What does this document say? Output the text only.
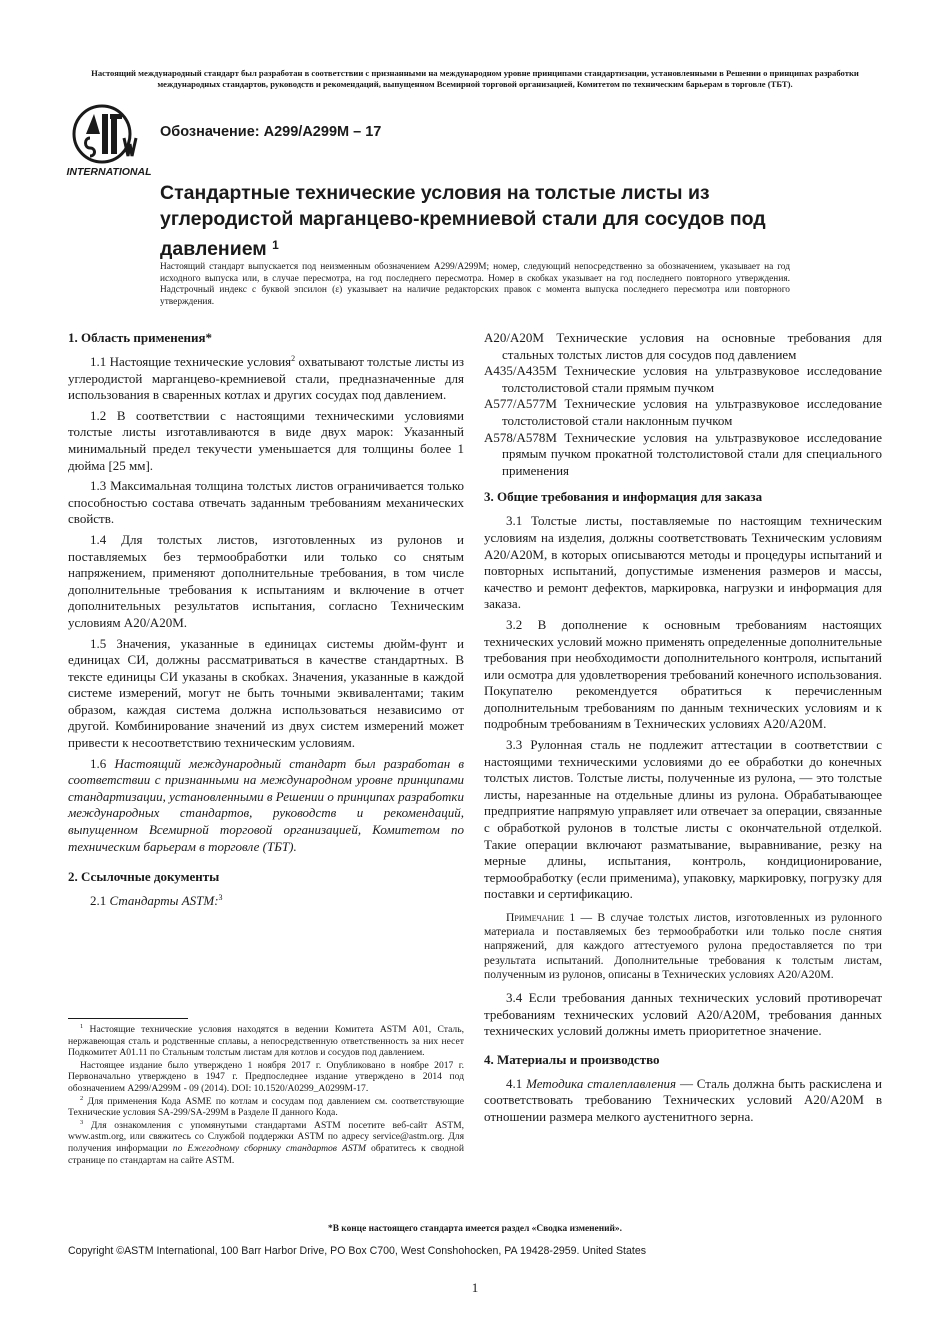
Настоящий международный стандарт был разработан в соответствии с признанными на международном уровне принципами стандартизации, установленными в Решении о принципах разработки международных стандартов, руководств и рекомендаций, выпущенном Всемирной торговой организацией, Комитетом по техническим барьерам в торговле (ТБТ).
INTERNATIONAL
Обозначение: A299/A299M – 17
Стандартные технические условия на толстые листы из углеродистой марганцево-кремниевой стали для сосудов под давлением $^1$
Настоящий стандарт выпускается под неизменным обозначением A299/A299M; номер, следующий непосредственно за обозначением, указывает на год исходного выпуска или, в случае пересмотра, на год последнего пересмотра. Номер в скобках указывает на год последнего повторного утверждения. Надстрочный индекс с буквой эпсилон (ε) указывает на наличие редакторских правок с момента выпуска последнего пересмотра или повторного утверждения.
1. Область применения*

1.1 Настоящие технические условия$^2$ охватывают толстые листы из углеродистой марганцево-кремниевой стали, предназначенные для использования в сваренных котлах и других сосудах под давлением.

1.2 В соответствии с настоящими техническими условиями толстые листы изготавливаются в виде двух марок: Указанный минимальный предел текучести уменьшается для толщины более 1 дюйма [25 мм].

1.3 Максимальная толщина толстых листов ограничивается только способностью состава отвечать заданным требованиям механических свойств.

1.4 Для толстых листов, изготовленных из рулонов и поставляемых без термообработки или только со снятым напряжением, применяют дополнительные требования, в том числе дополнительные требования к испытаниям и включение в отчет дополнительных результатов испытания, согласно Техническим условиям A20/A20M.

1.5 Значения, указанные в единицах системы дюйм-фунт и единицах СИ, должны рассматриваться в качестве стандартных. В тексте единицы СИ указаны в скобках. Значения, указанные в каждой системе измерений, могут не быть точными эквивалентами; таким образом, каждая система должна использоваться независимо от другой. Комбинирование значений из двух систем измерений может привести к несоответствию техническим условиям.

1.6 Настоящий международный стандарт был разработан в соответствии с признанными на международном уровне принципами стандартизации, установленными в Решении о принципах разработки международных стандартов, руководств и рекомендаций, выпущенном Всемирной торговой организацией, Комитетом по техническим барьерам в торговле (ТБТ).

2. Ссылочные документы

2.1 Стандарты ASTM:$^3$

A20/A20M Технические условия на основные требования для стальных толстых листов для сосудов под давлением

A435/A435M Технические условия на ультразвуковое исследование толстолистовой стали прямым пучком

A577/A577M Технические условия на ультразвуковое исследование толстолистовой стали наклонным пучком

A578/A578M Технические условия на ультразвуковое исследование прямым пучком прокатной толстолистовой стали для специального применения

3. Общие требования и информация для заказа

3.1 Толстые листы, поставляемые по настоящим техническим условиям на изделия, должны соответствовать Техническим условиям A20/A20M, в которых описываются методы и процедуры испытаний и повторных испытаний, допустимые изменения размеров и массы, качество и ремонт дефектов, маркировка, нагрузки и информация для заказа.

3.2 В дополнение к основным требованиям настоящих технических условий можно применять определенные дополнительные требования при необходимости дополнительного контроля, испытаний или осмотра для удовлетворения требований конечного использования. Покупателю рекомендуется обратиться к перечисленным дополнительным требованиям по данным технических условиям и к подробным требованиям в Технических условиях A20/A20M.

3.3 Рулонная сталь не подлежит аттестации в соответствии с настоящими техническими условиями до ее обработки до конечных толстых листов. Толстые листы, полученные из рулона, — это толстые листы, нарезанные на отдельные длины из рулона. Обрабатывающее предприятие напрямую управляет или отвечает за операции, связанные с обработкой рулонов в толстые листы с окончательной отделкой. Такие операции включают разматывание, выравнивание, резку на мерные длины, испытания, контроль, кондиционирование, термообработку (если применима), упаковку, маркировку, погрузку для поставки и сертификацию.

Примечание 1 — В случае толстых листов, изготовленных из рулонного материала и поставляемых без термообработки или только после снятия напряжений, для каждого аттестуемого рулона предоставляется по три результата испытаний. Дополнительные требования к толстым листам, полученным из рулонов, описаны в Технических условиях A20/A20M.

3.4 Если требования данных технических условий противоречат требованиям технических условий A20/A20M, требования данных технических условий должны иметь приоритетное значение.

4. Материалы и производство

4.1 Методика сталеплавления — Сталь должна быть раскислена и соответствовать требованию Технических условий A20/A20M в отношении размера мелкого аустенитного зерна.

$^1$ Настоящие технические условия находятся в ведении Комитета ASTM A01, Сталь, нержавеющая сталь и родственные сплавы, а непосредственную ответственность за них несет Подкомитет A01.11 по Стальным толстым листам для котлов и сосудов под давлением.

Настоящее издание было утверждено 1 ноября 2017 г. Опубликовано в ноябре 2017 г. Первоначально утверждено в 1947 г. Предпоследнее издание утверждено в 2014 под обозначением A299/A299M - 09 (2014). DOI: 10.1520/A0299_A0299M-17.

$^2$ Для применения Кода ASME по котлам и сосудам под давлением см. соответствующие Технические условия SA-299/SA-299M в Разделе II данного Кода.

$^3$ Для ознакомления с упомянутыми стандартами ASTM посетите веб-сайт ASTM, www.astm.org, или свяжитесь со Службой поддержки ASTM по адресу service@astm.org. Для получения информации по Ежегодному сборнику стандартов ASTM обратитесь к сводной странице по стандартам на сайте ASTM.

*В конце настоящего стандарта имеется раздел «Сводка изменений».
Copyright ©ASTM International, 100 Barr Harbor Drive, PO Box C700, West Conshohocken, PA 19428-2959. United States
1
